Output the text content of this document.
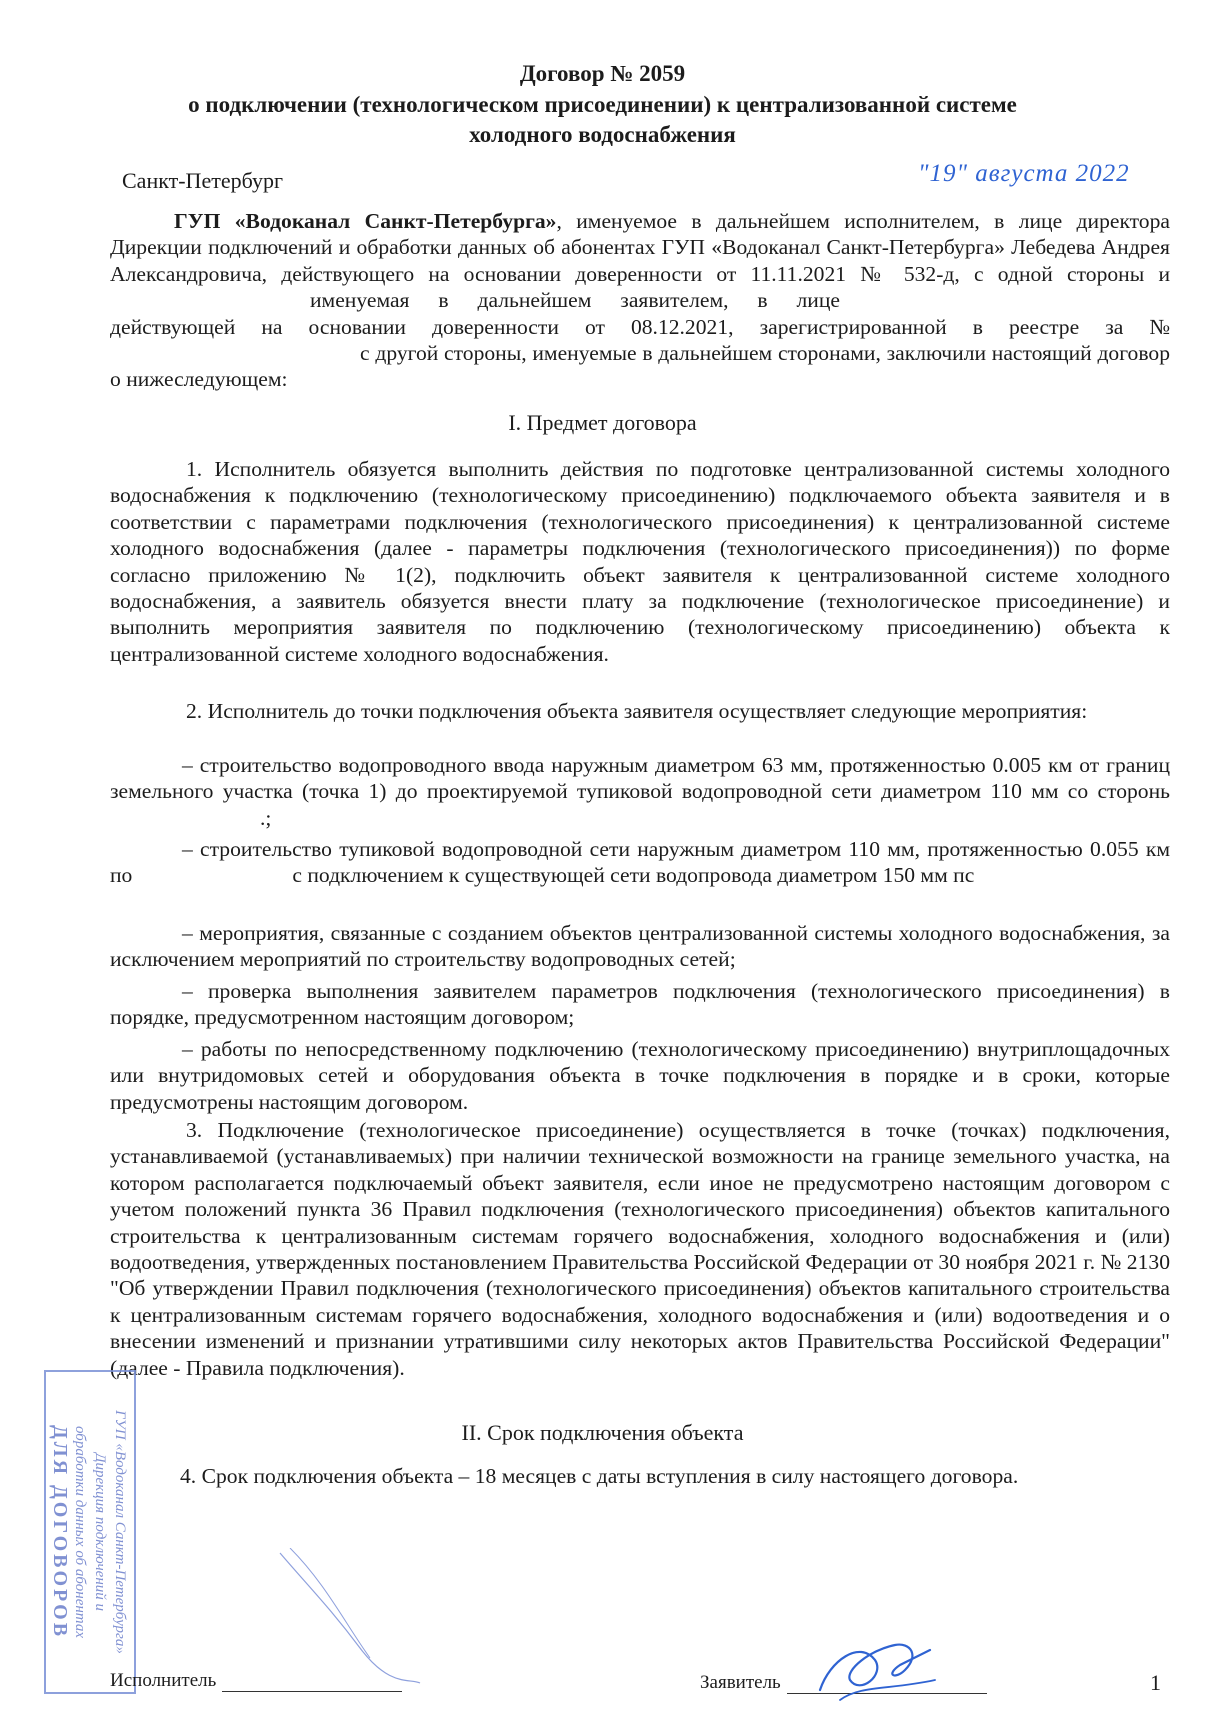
Договор № 2059
о подключении (технологическом присоединении) к централизованной системе
холодного водоснабжения
Санкт-Петербург	"19" августа 2022

ГУП «Водоканал Санкт-Петербурга», именуемое в дальнейшем исполнителем, в лице директора Дирекции подключений и обработки данных об абонентах ГУП «Водоканал Санкт-Петербурга» Лебедева Андрея Александровича, действующего на основании доверенности от 11.11.2021 № 532-д, с одной стороны иименуемая в дальнейшем заявителем, в лицедействующей на основании доверенности от 08.12.2021, зарегистрированной в реестре за №с другой стороны, именуемые в дальнейшем сторонами, заключили настоящий договор о нижеследующем:

I. Предмет договора

1. Исполнитель обязуется выполнить действия по подготовке централизованной системы холодного водоснабжения к подключению (технологическому присоединению) подключаемого объекта заявителя и в соответствии с параметрами подключения (технологического присоединения) к централизованной системе холодного водоснабжения (далее - параметры подключения (технологического присоединения)) по форме согласно приложению № 1(2), подключить объект заявителя к централизованной системе холодного водоснабжения, а заявитель обязуется внести плату за подключение (технологическое присоединение) и выполнить мероприятия заявителя по подключению (технологическому присоединению) объекта к централизованной системе холодного водоснабжения.

2. Исполнитель до точки подключения объекта заявителя осуществляет следующие мероприятия:

– строительство водопроводного ввода наружным диаметром 63 мм, протяженностью 0.005 км от границ земельного участка (точка 1) до проектируемой тупиковой водопроводной сети диаметром 110 мм со сторонь.;

– строительство тупиковой водопроводной сети наружным диаметром 110 мм, протяженностью 0.055 км по	с подключением к существующей сети водопровода диаметром 150 мм пс

– мероприятия, связанные с созданием объектов централизованной системы холодного водоснабжения, за исключением мероприятий по строительству водопроводных сетей;

– проверка выполнения заявителем параметров подключения (технологического присоединения) в порядке, предусмотренном настоящим договором;

– работы по непосредственному подключению (технологическому присоединению) внутриплощадочных или внутридомовых сетей и оборудования объекта в точке подключения в порядке и в сроки, которые предусмотрены настоящим договором.

3. Подключение (технологическое присоединение) осуществляется в точке (точках) подключения, устанавливаемой (устанавливаемых) при наличии технической возможности на границе земельного участка, на котором располагается подключаемый объект заявителя, если иное не предусмотрено настоящим договором с учетом положений пункта 36 Правил подключения (технологического присоединения) объектов капитального строительства к централизованным системам горячего водоснабжения, холодного водоснабжения и (или) водоотведения, утвержденных постановлением Правительства Российской Федерации от 30 ноября 2021 г. № 2130 "Об утверждении Правил подключения (технологического присоединения) объектов капитального строительства к централизованным системам горячего водоснабжения, холодного водоснабжения и (или) водоотведения и о внесении изменений и признании утратившими силу некоторых актов Правительства Российской Федерации" (далее - Правила подключения).

II. Срок подключения объекта

4. Срок подключения объекта – 18 месяцев с даты вступления в силу настоящего договора.

ГУП «Водоканал Санкт-Петербурга»
Дирекция подключений и
обработки данных об абонентах
ДЛЯ ДОГОВОРОВ
Исполнитель	Заявитель	1
